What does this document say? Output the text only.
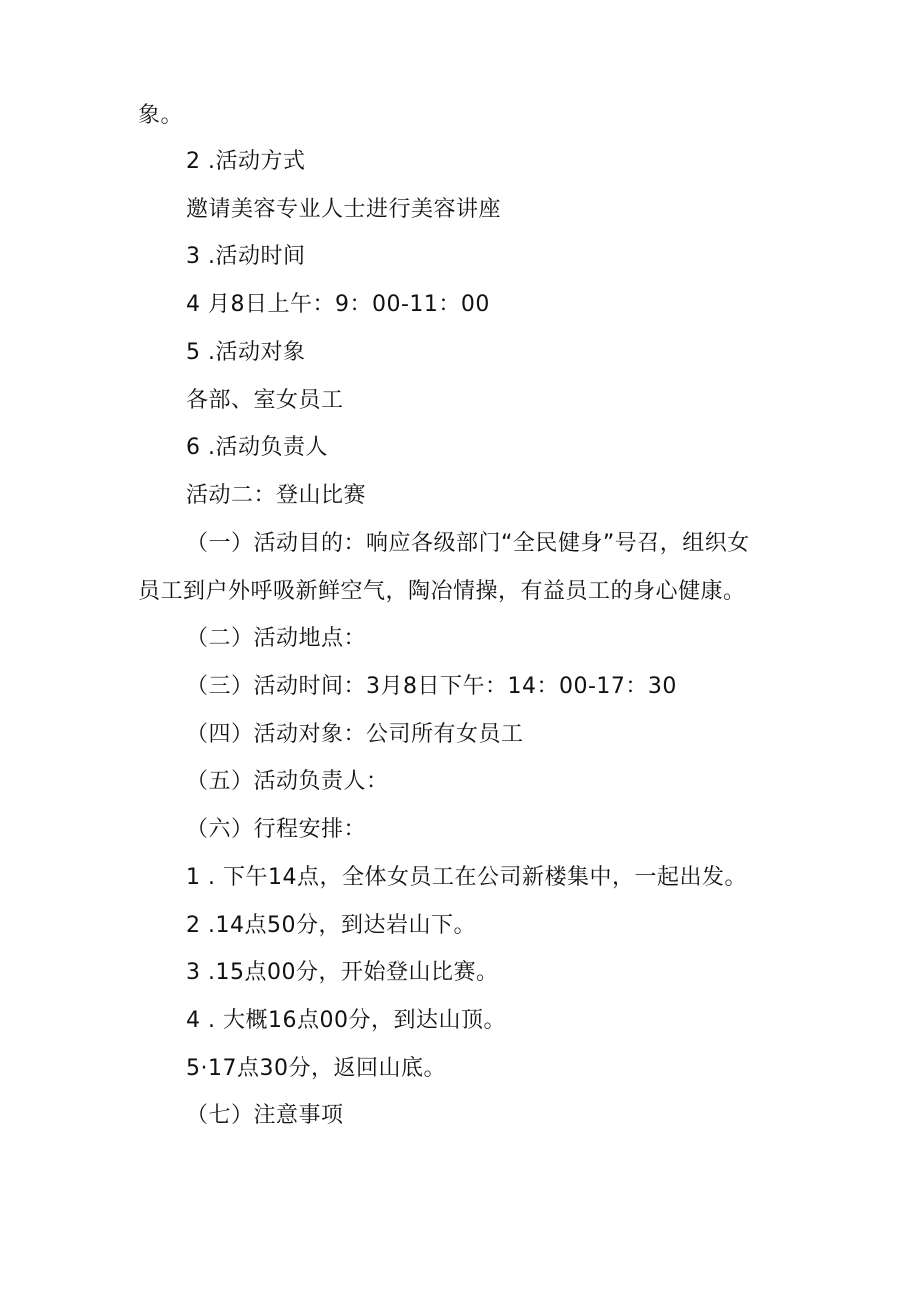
象。
2 .活动方式
邀请美容专业人士进行美容讲座
3 .活动时间
4 月8日上午：9：00-11：00
5 .活动对象
各部、室女员工
6 .活动负责人
活动二：登山比赛
（一）活动目的：响应各级部门“全民健身”号召，组织女
员工到户外呼吸新鲜空气，陶冶情操，有益员工的身心健康。
（二）活动地点：
（三）活动时间：3月8日下午：14：00-17：30
（四）活动对象：公司所有女员工
（五）活动负责人：
（六）行程安排：
1 . 下午14点，全体女员工在公司新楼集中，一起出发。
2 .14点50分，到达岩山下。
3 .15点00分，开始登山比赛。
4 . 大概16点00分，到达山顶。
5·17点30分，返回山底。
（七）注意事项
